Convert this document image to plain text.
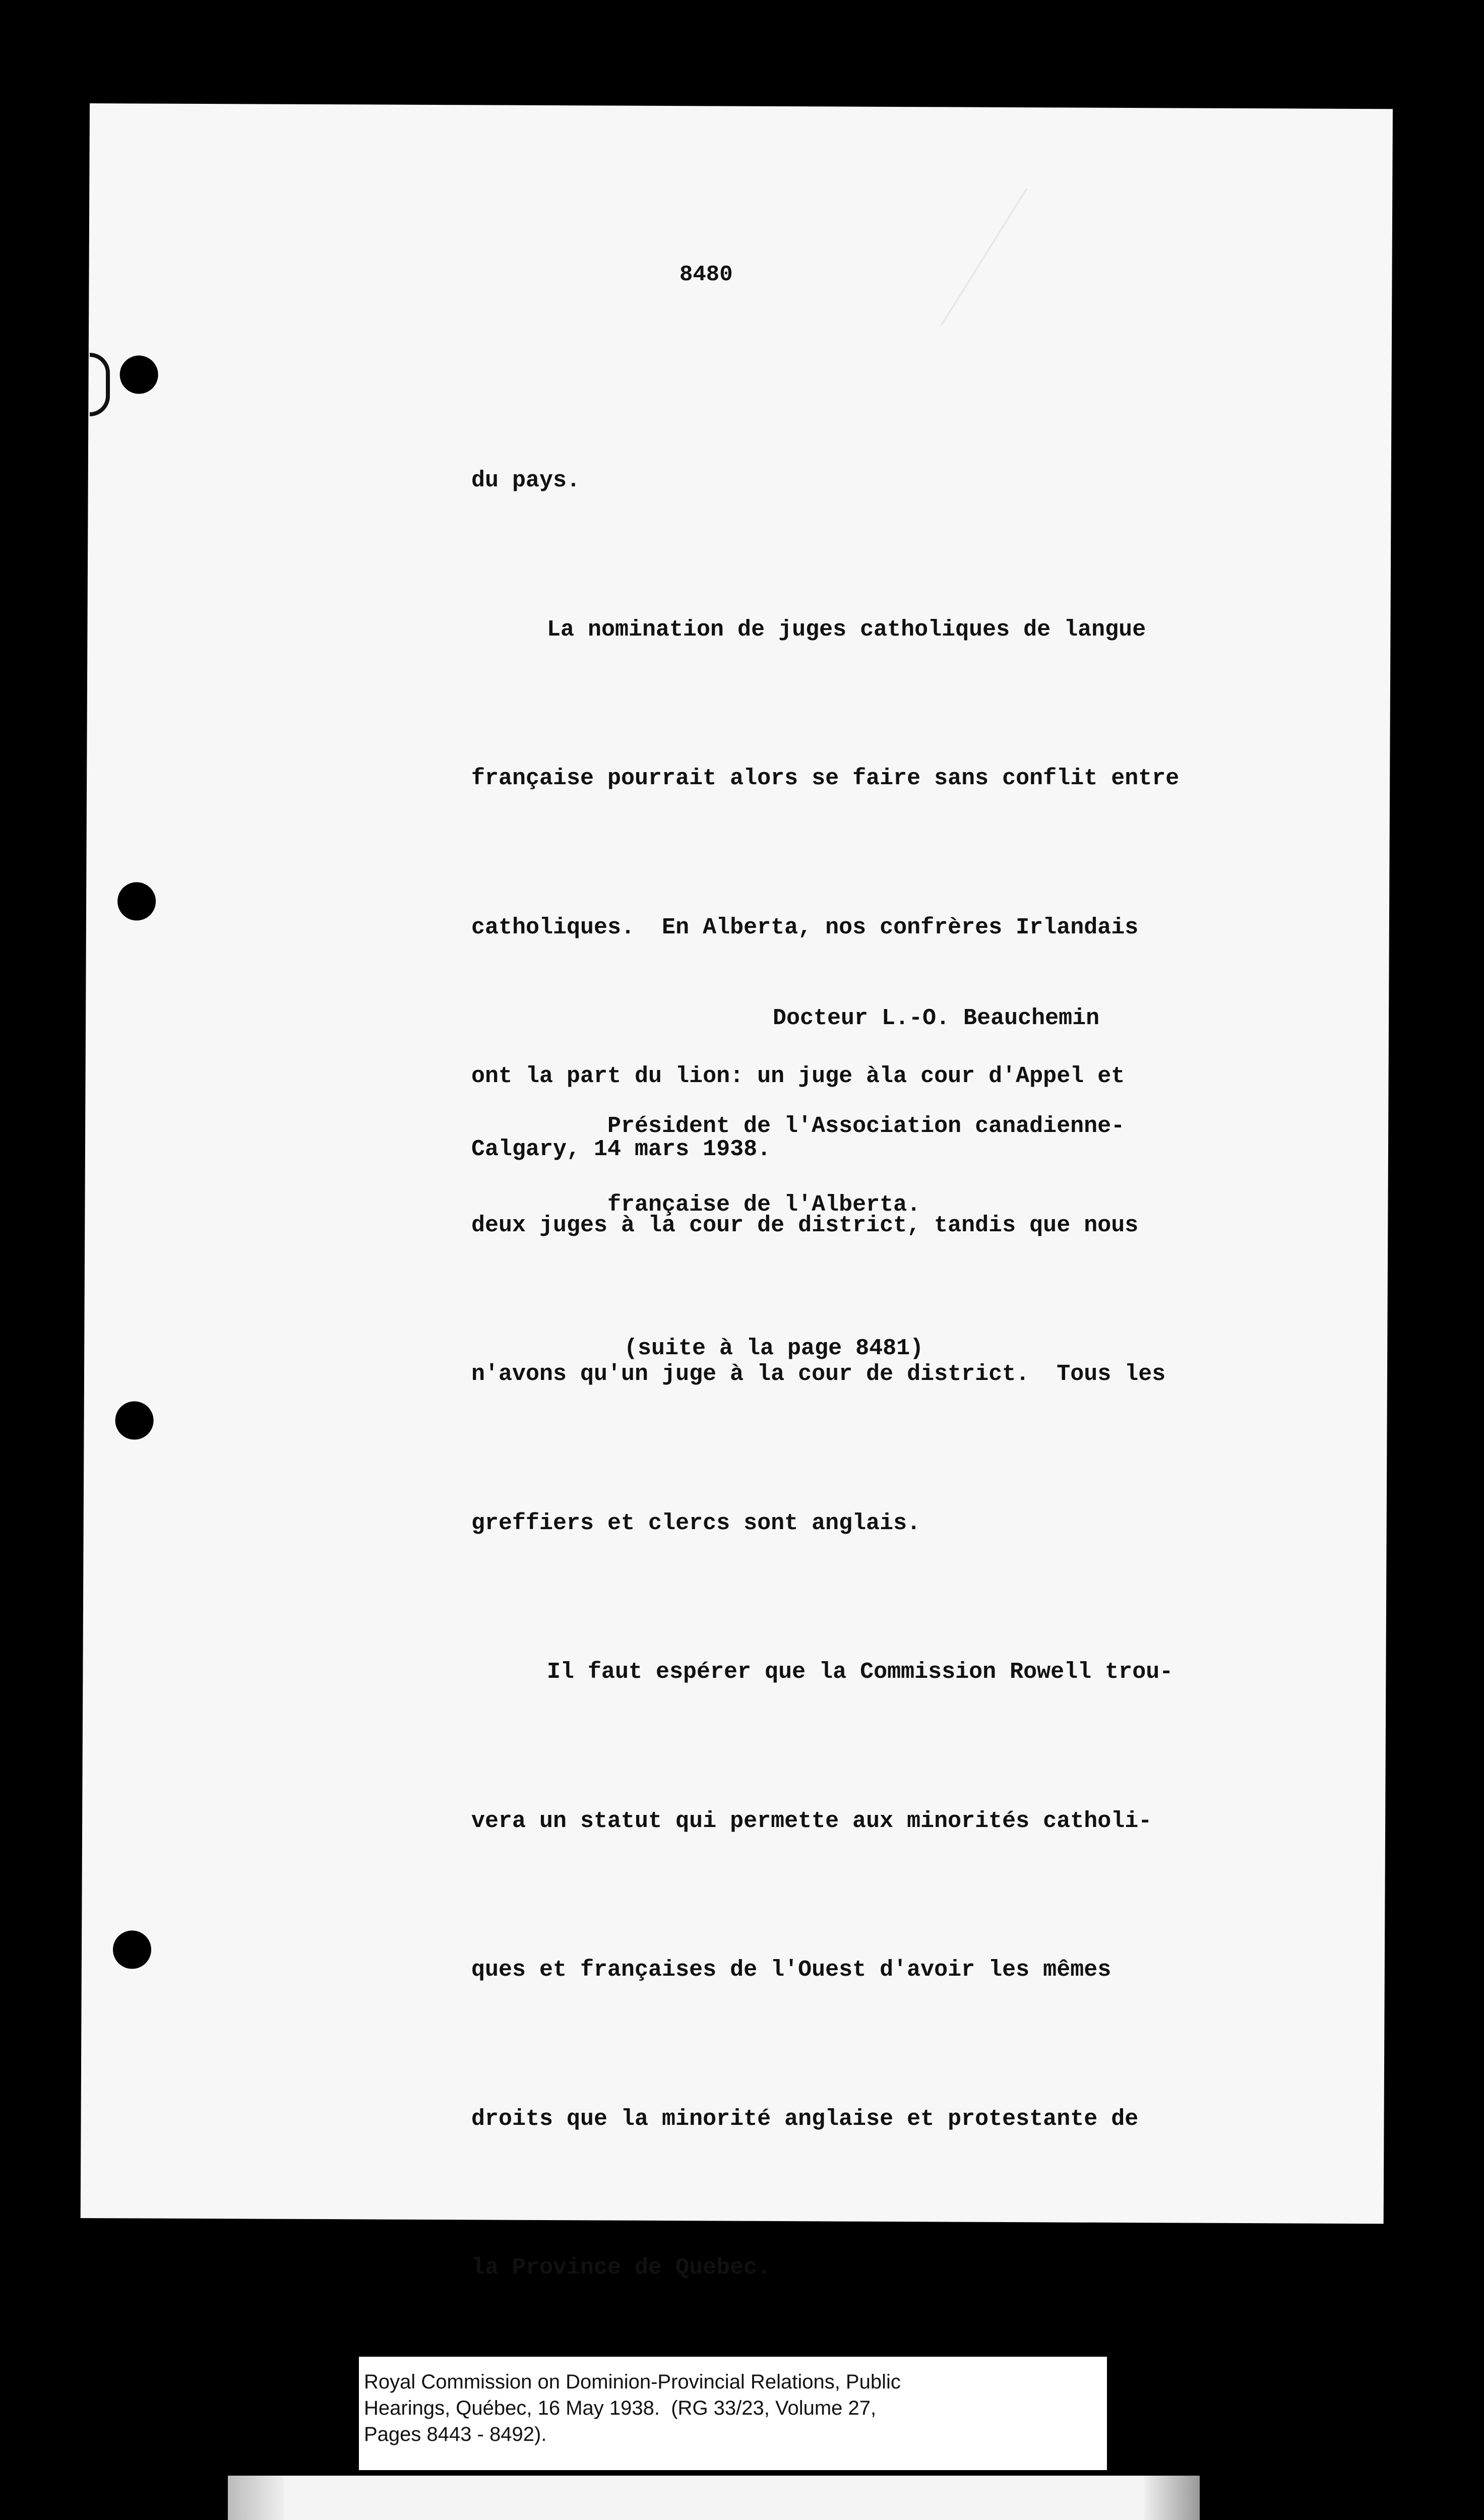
8480

du pays.

La nomination de juges catholiques de langue

française pourrait alors se faire sans conflit entre

catholiques.  En Alberta, nos confrères Irlandais

ont la part du lion: un juge àla cour d'Appel et

deux juges à la cour de district, tandis que nous

n'avons qu'un juge à la cour de district.  Tous les

greffiers et clercs sont anglais.

Il faut espérer que la Commission Rowell trou-

vera un statut qui permette aux minorités catholi-

ques et françaises de l'Ouest d'avoir les mêmes

droits que la minorité anglaise et protestante de

la Province de Quebec.

Docteur L.-O. Beauchemin

Président de l'Association canadienne-

française de l'Alberta.

Calgary, 14 mars 1938.
(suite à la page 8481)
Royal Commission on Dominion-Provincial Relations, Public
Hearings, Québec, 16 May 1938.  (RG 33/23, Volume 27,
Pages 8443 - 8492).
